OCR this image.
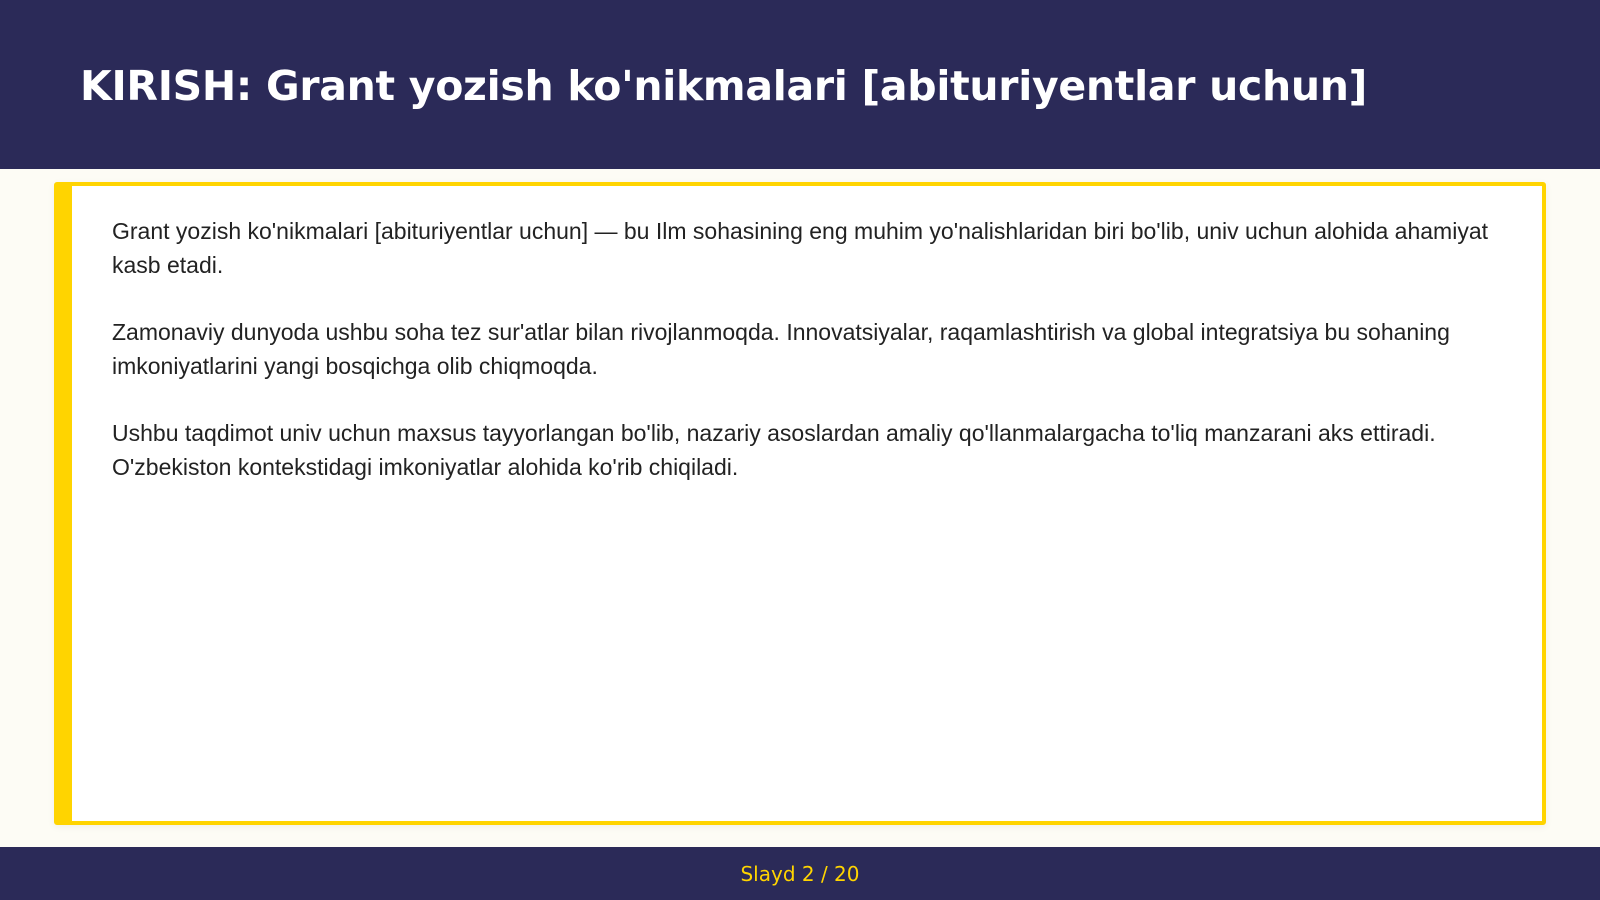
KIRISH: Grant yozish ko'nikmalari [abituriyentlar uchun]

Grant yozish ko'nikmalari [abituriyentlar uchun] — bu Ilm sohasining eng muhim yo'nalishlaridan biri bo'lib, univ uchun alohida ahamiyat kasb etadi.

Zamonaviy dunyoda ushbu soha tez sur'atlar bilan rivojlanmoqda. Innovatsiyalar, raqamlashtirish va global integratsiya bu sohaning imkoniyatlarini yangi bosqichga olib chiqmoqda.

Ushbu taqdimot univ uchun maxsus tayyorlangan bo'lib, nazariy asoslardan amaliy qo'llanmalargacha to'liq manzarani aks ettiradi. O'zbekiston kontekstidagi imkoniyatlar alohida ko'rib chiqiladi.

Slayd 2 / 20
